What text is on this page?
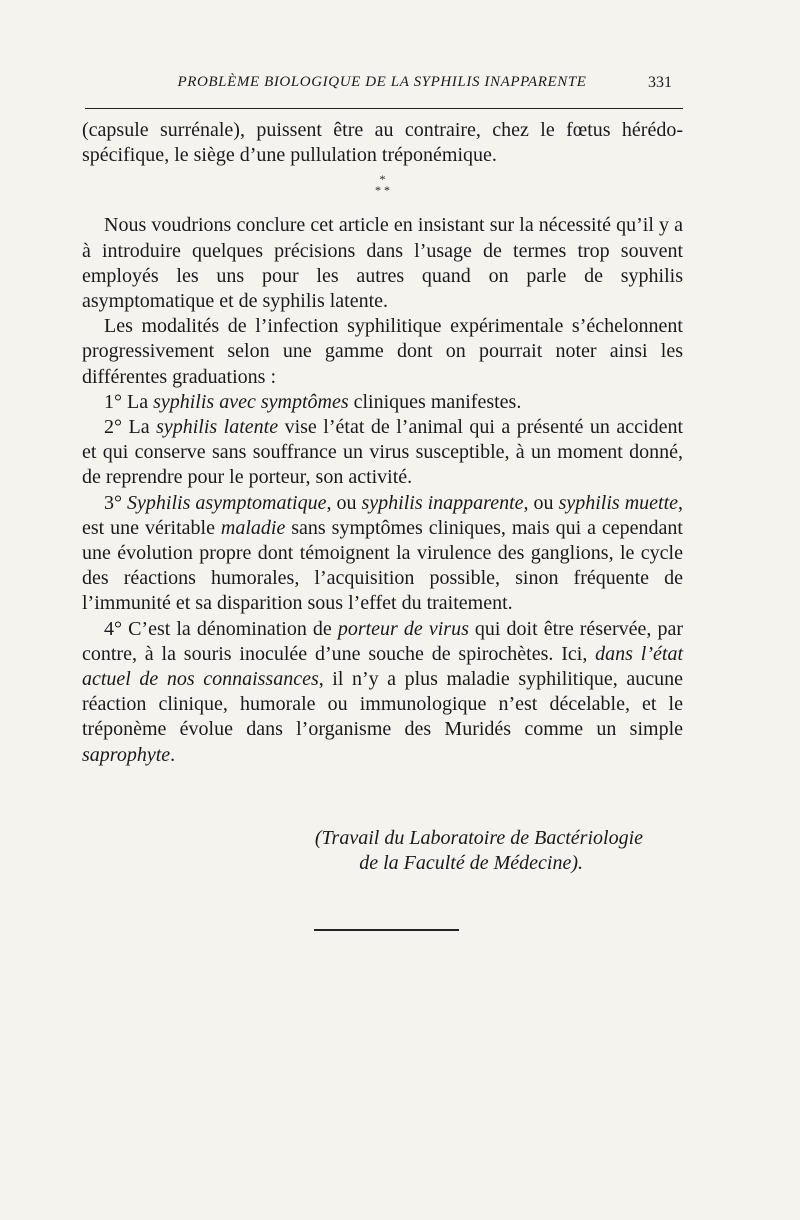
PROBLÈME BIOLOGIQUE DE LA SYPHILIS INAPPARENTE	331

(capsule surrénale), puissent être au contraire, chez le fœtus hérédo-spécifique, le siège d’une pullulation tréponémique.

*
* *

Nous voudrions conclure cet article en insistant sur la nécessité qu’il y a à introduire quelques précisions dans l’usage de termes trop souvent employés les uns pour les autres quand on parle de syphilis asymptomatique et de syphilis latente.

Les modalités de l’infection syphilitique expérimentale s’échelonnent progressivement selon une gamme dont on pourrait noter ainsi les différentes graduations :

1° La syphilis avec symptômes cliniques manifestes.

2° La syphilis latente vise l’état de l’animal qui a présenté un accident et qui conserve sans souffrance un virus susceptible, à un moment donné, de reprendre pour le porteur, son activité.

3° Syphilis asymptomatique, ou syphilis inapparente, ou syphilis muette, est une véritable maladie sans symptômes cliniques, mais qui a cependant une évolution propre dont témoignent la virulence des ganglions, le cycle des réactions humorales, l’acquisition possible, sinon fréquente de l’immunité et sa disparition sous l’effet du traitement.

4° C’est la dénomination de porteur de virus qui doit être réservée, par contre, à la souris inoculée d’une souche de spirochètes. Ici, dans l’état actuel de nos connaissances, il n’y a plus maladie syphilitique, aucune réaction clinique, humorale ou immunologique n’est décelable, et le tréponème évolue dans l’organisme des Muridés comme un simple saprophyte.

(Travail du Laboratoire de Bactériologie
de la Faculté de Médecine).
